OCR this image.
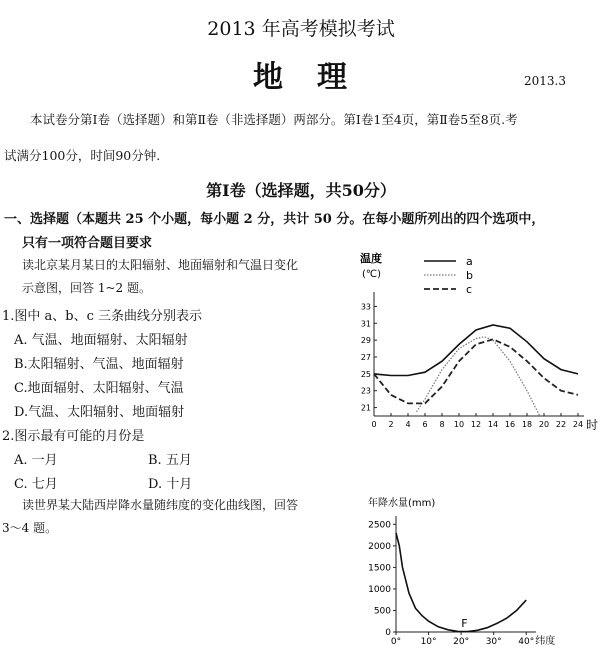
2013 年高考模拟考试
地　理	2013.3
本试卷分第Ⅰ卷（选择题）和第Ⅱ卷（非选择题）两部分。第Ⅰ卷1至4页，第Ⅱ卷5至8页.考
试满分100分，时间90分钟.
第Ⅰ卷（选择题，共50分）
一、选择题（本题共 25 个小题，每小题 2 分，共计 50 分。在每小题所列出的四个选项中，
只有一项符合题目要求
读北京某月某日的太阳辐射、地面辐射和气温日变化
示意图，回答 1~2 题。
1.图中 a、b、c 三条曲线分别表示
A. 气温、地面辐射、太阳辐射
B.太阳辐射、气温、地面辐射
C.地面辐射、太阳辐射、气温
D.气温、太阳辐射、地面辐射
2.图示最有可能的月份是
A. 一月	B. 五月
C. 七月	D. 十月
读世界某大陆西岸降水量随纬度的变化曲线图，回答
3～4 题。
温度
(℃)
21
23
25
27
29
31
33
0 2 4 6 8 10 12 14 16 18 20 22 24 时
a
b
c
年降水量(mm)
0
500
1000
1500
2000
2500
0° 10° 20° 30° 40° 纬度
F
